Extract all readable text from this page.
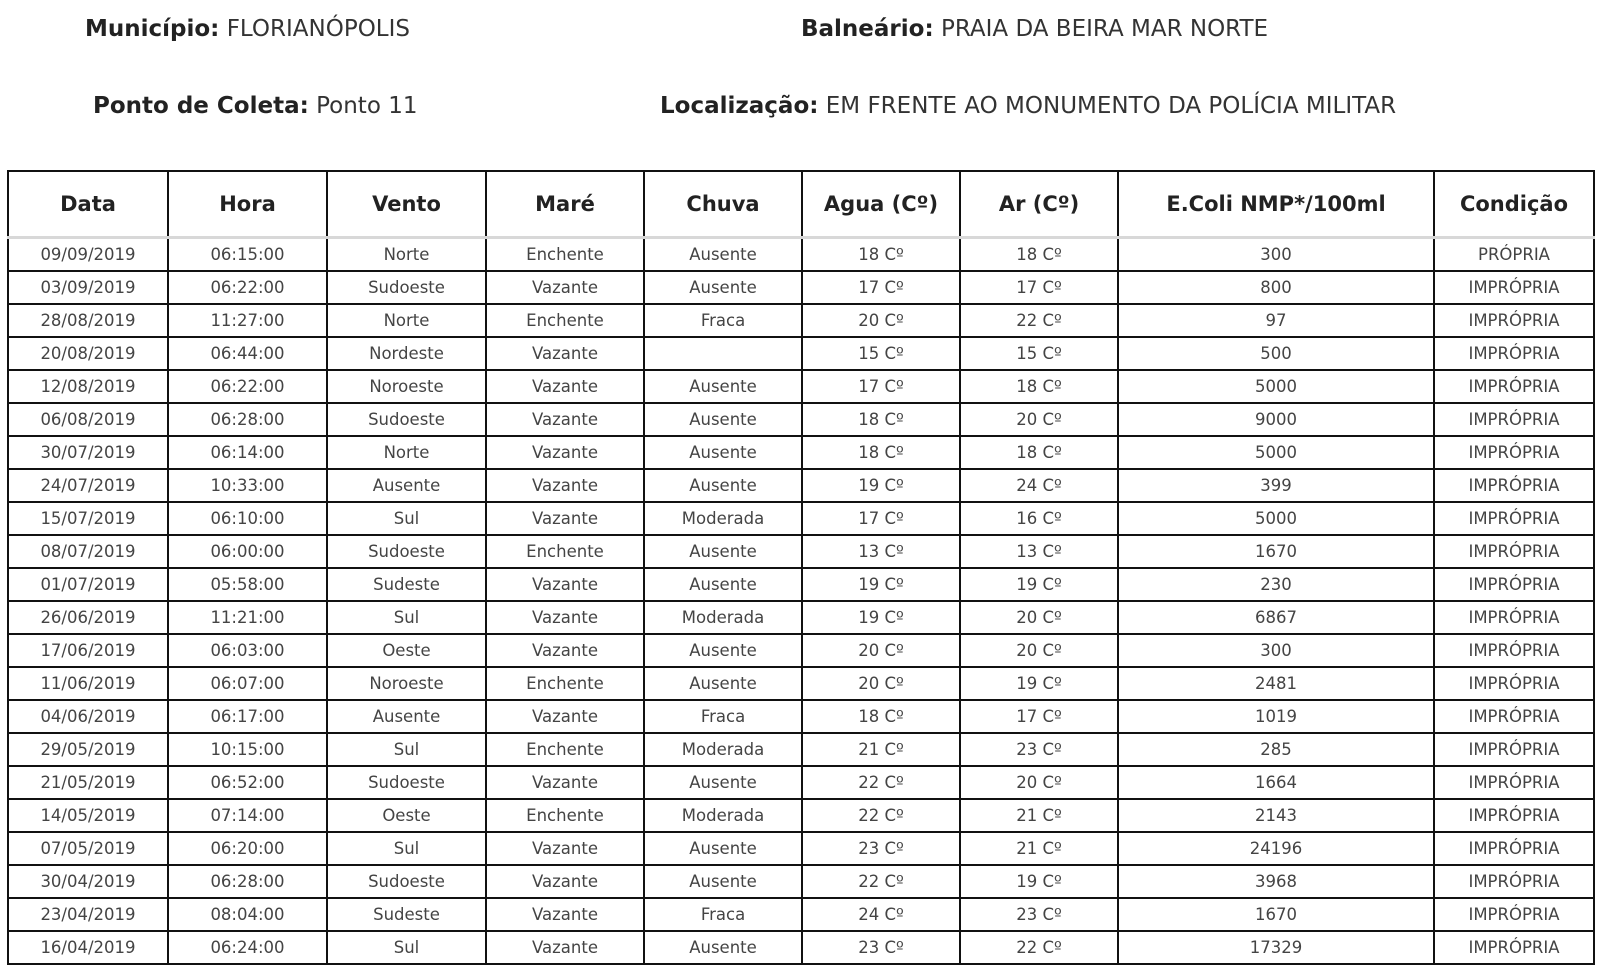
Município: FLORIANÓPOLIS	Balneário: PRAIA DA BEIRA MAR NORTE
Ponto de Coleta: Ponto 11	Localização: EM FRENTE AO MONUMENTO DA POLÍCIA MILITAR
Data	Hora	Vento	Maré	Chuva	Agua (Cº)	Ar (Cº)	E.Coli NMP*/100ml	Condição
09/09/2019	06:15:00	Norte	Enchente	Ausente	18 Cº	18 Cº	300	PRÓPRIA
03/09/2019	06:22:00	Sudoeste	Vazante	Ausente	17 Cº	17 Cº	800	IMPRÓPRIA
28/08/2019	11:27:00	Norte	Enchente	Fraca	20 Cº	22 Cº	97	IMPRÓPRIA
20/08/2019	06:44:00	Nordeste	Vazante		15 Cº	15 Cº	500	IMPRÓPRIA
12/08/2019	06:22:00	Noroeste	Vazante	Ausente	17 Cº	18 Cº	5000	IMPRÓPRIA
06/08/2019	06:28:00	Sudoeste	Vazante	Ausente	18 Cº	20 Cº	9000	IMPRÓPRIA
30/07/2019	06:14:00	Norte	Vazante	Ausente	18 Cº	18 Cº	5000	IMPRÓPRIA
24/07/2019	10:33:00	Ausente	Vazante	Ausente	19 Cº	24 Cº	399	IMPRÓPRIA
15/07/2019	06:10:00	Sul	Vazante	Moderada	17 Cº	16 Cº	5000	IMPRÓPRIA
08/07/2019	06:00:00	Sudoeste	Enchente	Ausente	13 Cº	13 Cº	1670	IMPRÓPRIA
01/07/2019	05:58:00	Sudeste	Vazante	Ausente	19 Cº	19 Cº	230	IMPRÓPRIA
26/06/2019	11:21:00	Sul	Vazante	Moderada	19 Cº	20 Cº	6867	IMPRÓPRIA
17/06/2019	06:03:00	Oeste	Vazante	Ausente	20 Cº	20 Cº	300	IMPRÓPRIA
11/06/2019	06:07:00	Noroeste	Enchente	Ausente	20 Cº	19 Cº	2481	IMPRÓPRIA
04/06/2019	06:17:00	Ausente	Vazante	Fraca	18 Cº	17 Cº	1019	IMPRÓPRIA
29/05/2019	10:15:00	Sul	Enchente	Moderada	21 Cº	23 Cº	285	IMPRÓPRIA
21/05/2019	06:52:00	Sudoeste	Vazante	Ausente	22 Cº	20 Cº	1664	IMPRÓPRIA
14/05/2019	07:14:00	Oeste	Enchente	Moderada	22 Cº	21 Cº	2143	IMPRÓPRIA
07/05/2019	06:20:00	Sul	Vazante	Ausente	23 Cº	21 Cº	24196	IMPRÓPRIA
30/04/2019	06:28:00	Sudoeste	Vazante	Ausente	22 Cº	19 Cº	3968	IMPRÓPRIA
23/04/2019	08:04:00	Sudeste	Vazante	Fraca	24 Cº	23 Cº	1670	IMPRÓPRIA
16/04/2019	06:24:00	Sul	Vazante	Ausente	23 Cº	22 Cº	17329	IMPRÓPRIA
